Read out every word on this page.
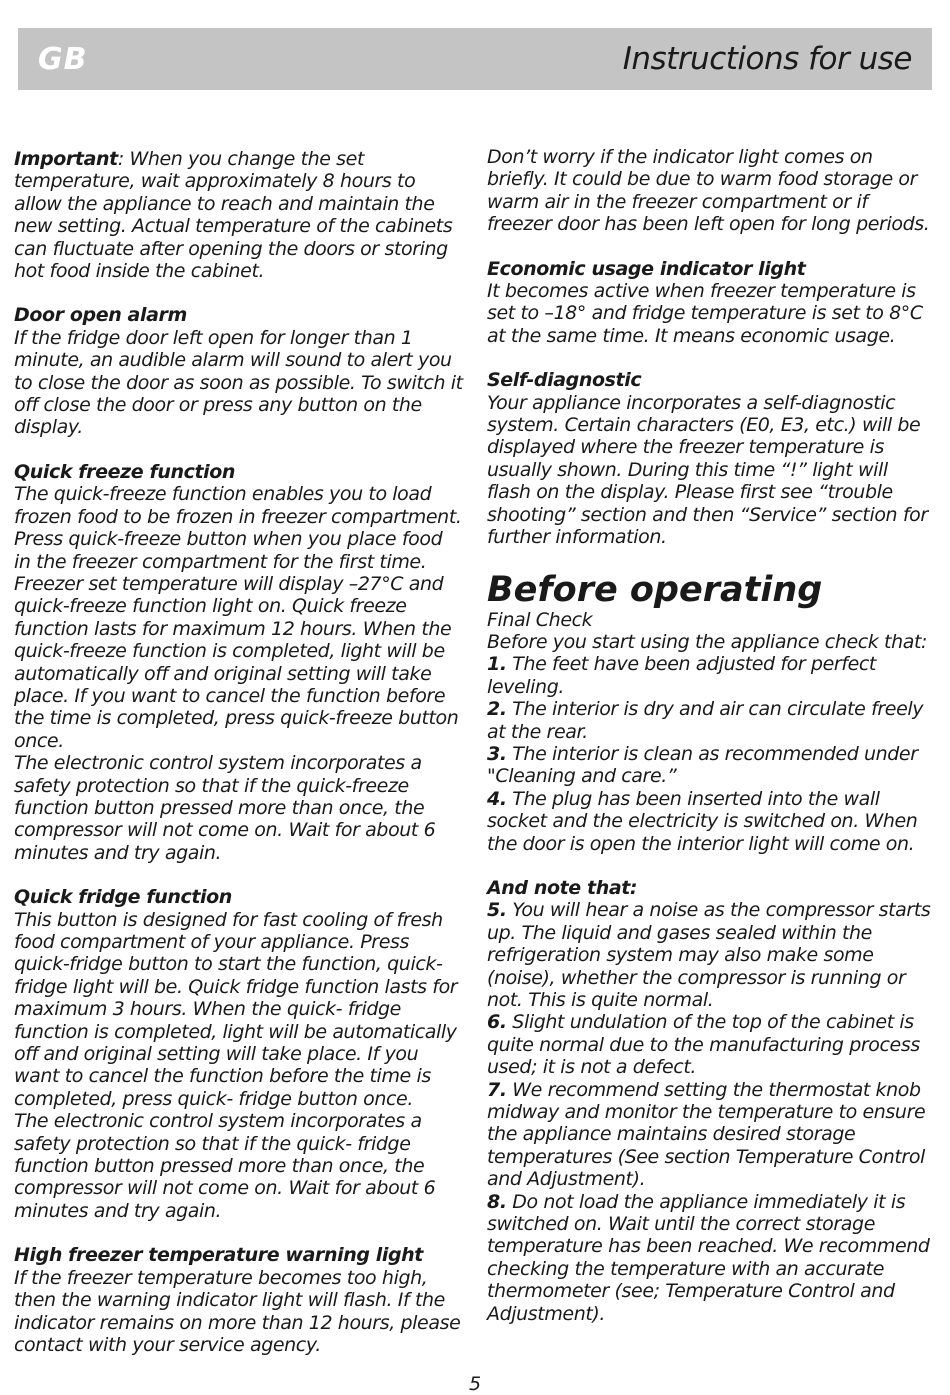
GB	Instructions for use

Important: When you change the set temperature, wait approximately 8 hours to allow the appliance to reach and maintain the new setting. Actual temperature of the cabinets can fluctuate after opening the doors or storing hot food inside the cabinet.

Door open alarm

If the fridge door left open for longer than 1 minute, an audible alarm will sound to alert you to close the door as soon as possible. To switch it off close the door or press any button on the display.

Quick freeze function

The quick-freeze function enables you to load frozen food to be frozen in freezer compartment. Press quick-freeze button when you place food in the freezer compartment for the first time. Freezer set temperature will display –27°C and quick-freeze function light on. Quick freeze function lasts for maximum 12 hours. When the quick-freeze function is completed, light will be automatically off and original setting will take place. If you want to cancel the function before the time is completed, press quick-freeze button once.

The electronic control system incorporates a safety protection so that if the quick-freeze function button pressed more than once, the compressor will not come on. Wait for about 6 minutes and try again.

Quick fridge function

This button is designed for fast cooling of fresh food compartment of your appliance. Press quick-fridge button to start the function, quick-fridge light will be. Quick fridge function lasts for maximum 3 hours. When the quick- fridge function is completed, light will be automatically off and original setting will take place. If you want to cancel the function before the time is completed, press quick- fridge button once.

The electronic control system incorporates a safety protection so that if the quick- fridge function button pressed more than once, the compressor will not come on. Wait for about 6 minutes and try again.

High freezer temperature warning light

If the freezer temperature becomes too high, then the warning indicator light will flash. If the indicator remains on more than 12 hours, please contact with your service agency.

Don’t worry if the indicator light comes on briefly. It could be due to warm food storage or warm air in the freezer compartment or if freezer door has been left open for long periods.

Economic usage indicator light

It becomes active when freezer temperature is set to –18° and fridge temperature is set to 8°C at the same time. It means economic usage.

Self-diagnostic

Your appliance incorporates a self-diagnostic system. Certain characters (E0, E3, etc.) will be displayed where the freezer temperature is usually shown. During this time “!” light will flash on the display. Please first see “trouble shooting” section and then “Service” section for further information.

Before operating

Final Check

Before you start using the appliance check that:

1. The feet have been adjusted for perfect leveling.

2. The interior is dry and air can circulate freely at the rear.

3. The interior is clean as recommended under "Cleaning and care.”

4. The plug has been inserted into the wall socket and the electricity is switched on. When the door is open the interior light will come on.

And note that:

5. You will hear a noise as the compressor starts up. The liquid and gases sealed within the refrigeration system may also make some (noise), whether the compressor is running or not. This is quite normal.

6. Slight undulation of the top of the cabinet is quite normal due to the manufacturing process used; it is not a defect.

7. We recommend setting the thermostat knob midway and monitor the temperature to ensure the appliance maintains desired storage temperatures (See section Temperature Control and Adjustment).

8. Do not load the appliance immediately it is switched on. Wait until the correct storage temperature has been reached. We recommend checking the temperature with an accurate thermometer (see; Temperature Control and Adjustment).

5
